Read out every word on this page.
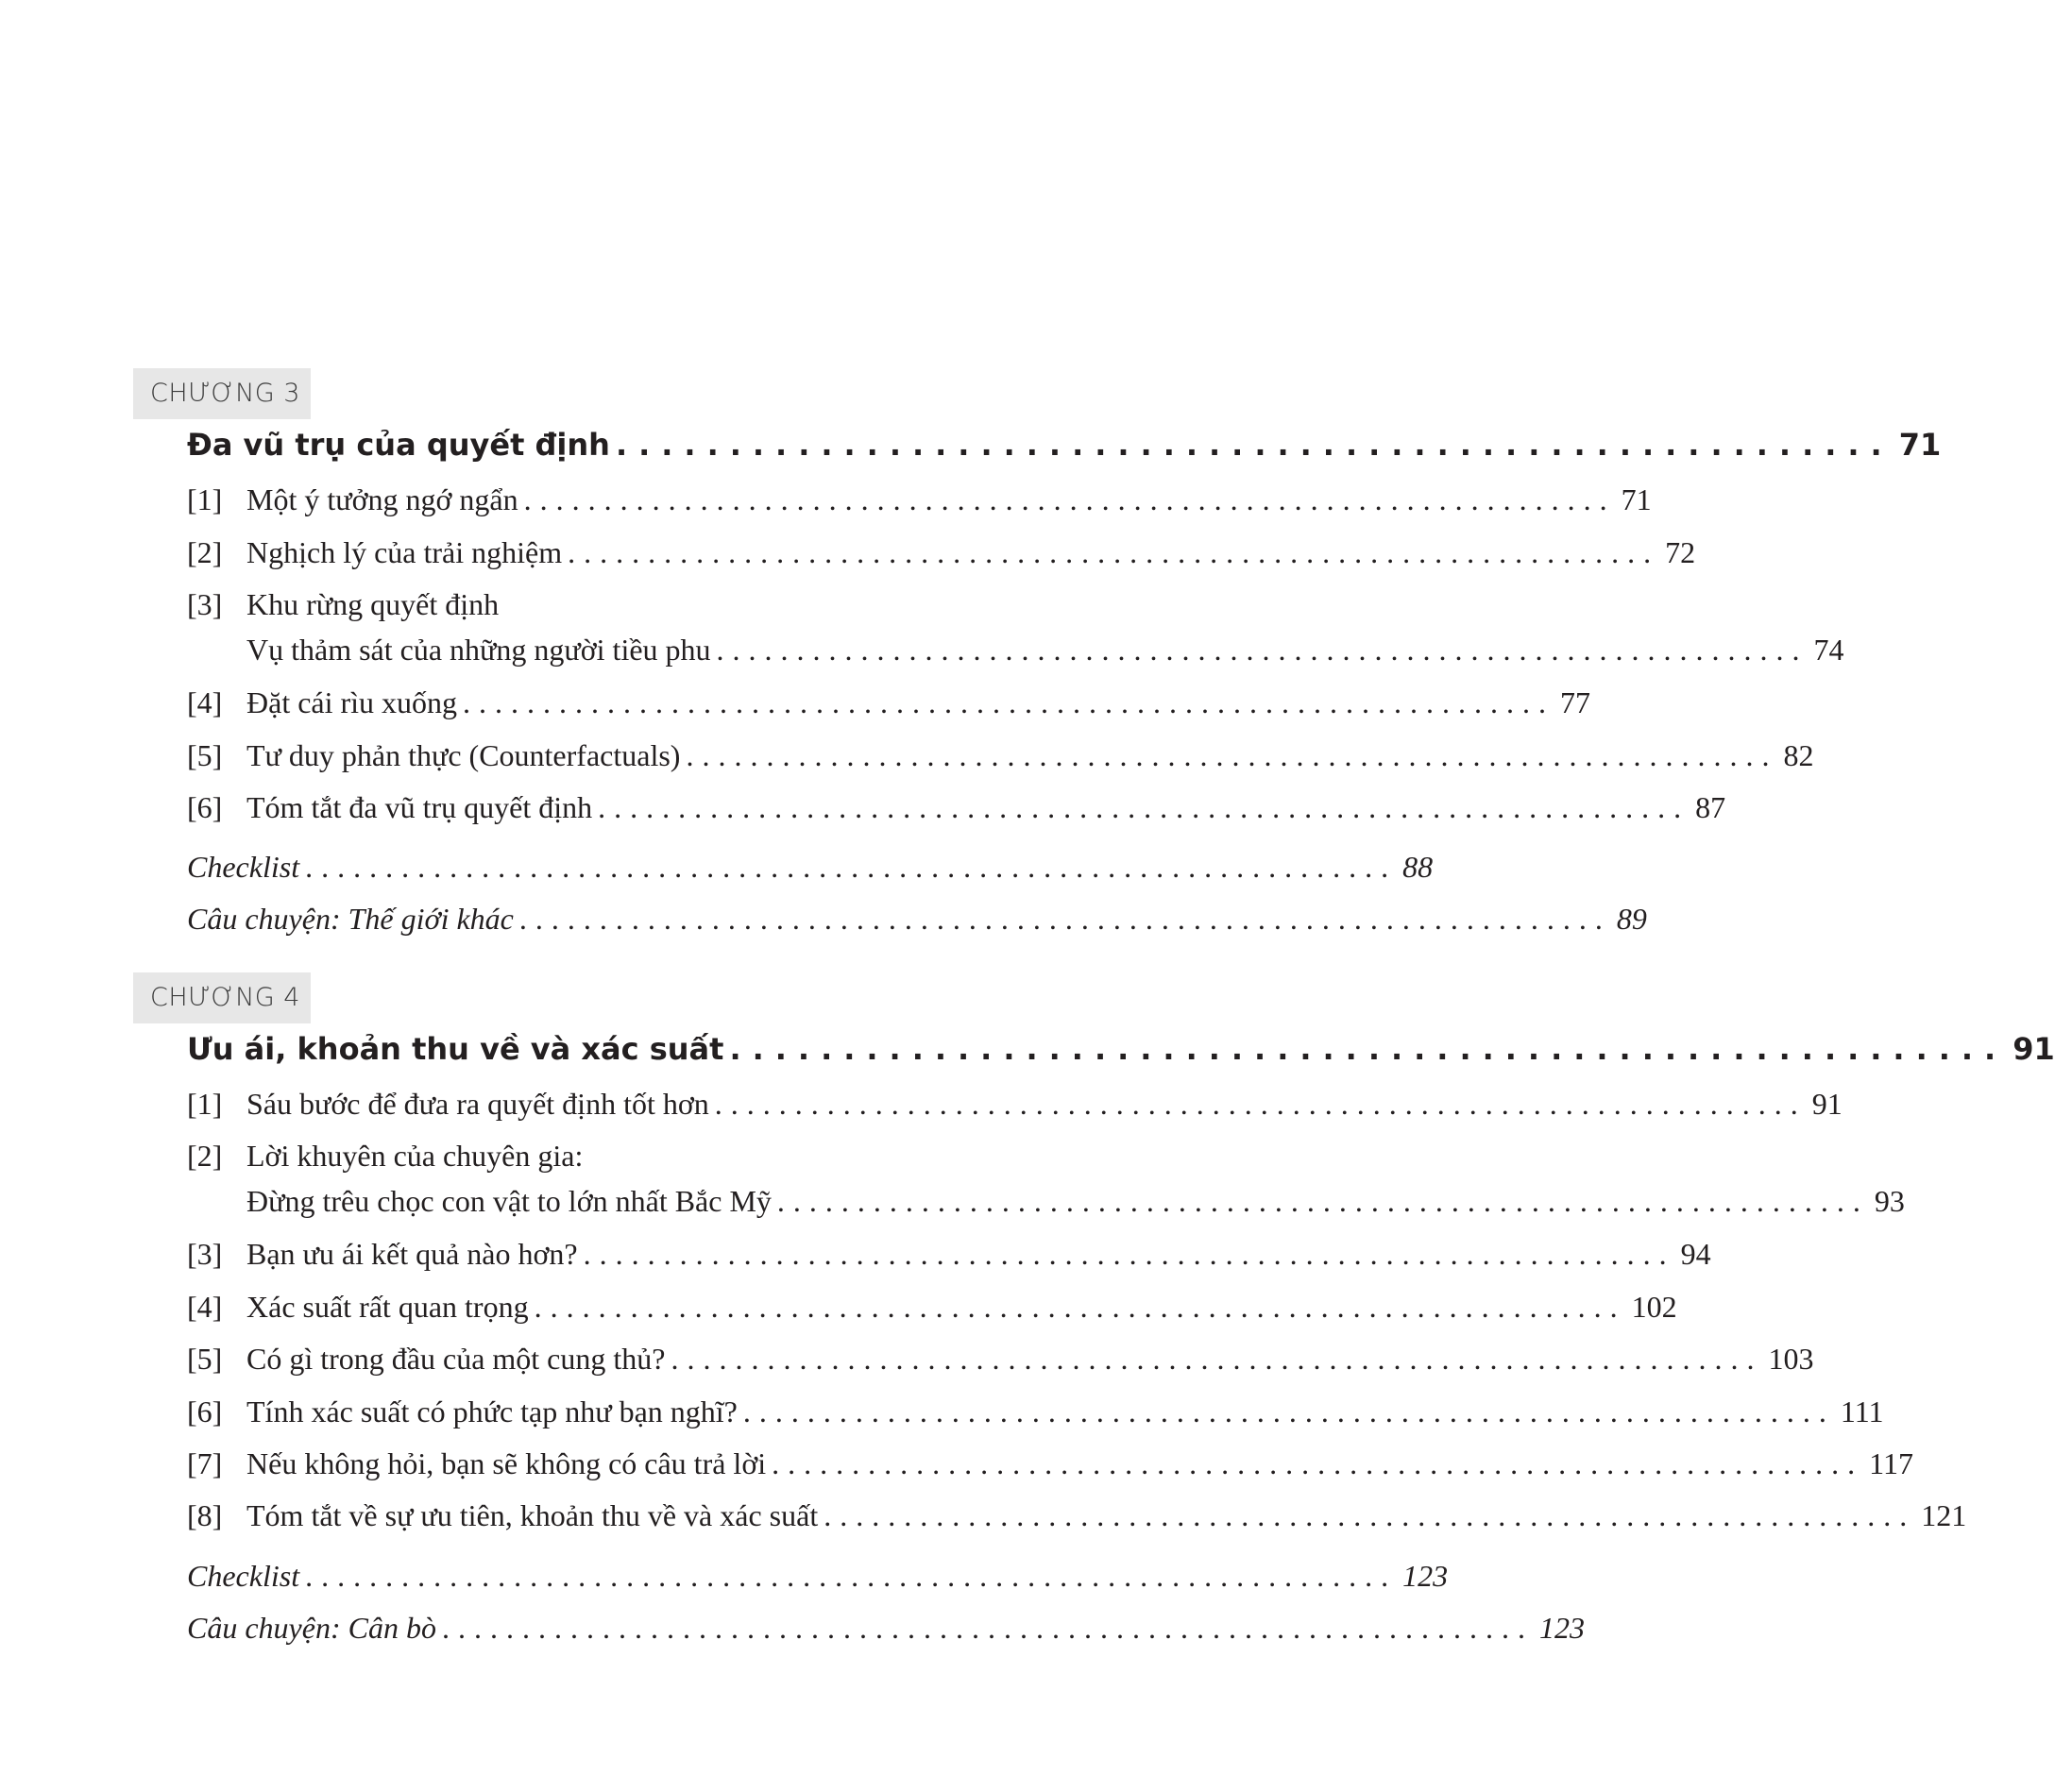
CHƯƠNG 3
Đa vũ trụ của quyết định ........................................................ 71
[1] Một ý tưởng ngớ ngẩn .................................................................... 71
[2] Nghịch lý của trải nghiệm .................................................................... 72
[3] Khu rừng quyết định
Vụ thảm sát của những người tiều phu .................................................................... 74
[4] Đặt cái rìu xuống .................................................................... 77
[5] Tư duy phản thực (Counterfactuals) .................................................................... 82
[6] Tóm tắt đa vũ trụ quyết định .................................................................... 87
Checklist .................................................................... 88
Câu chuyện: Thế giới khác .................................................................... 89
CHƯƠNG 4
Ưu ái, khoản thu về và xác suất ........................................................ 91
[1] Sáu bước để đưa ra quyết định tốt hơn .................................................................... 91
[2] Lời khuyên của chuyên gia:
Đừng trêu chọc con vật to lớn nhất Bắc Mỹ .................................................................... 93
[3] Bạn ưu ái kết quả nào hơn? .................................................................... 94
[4] Xác suất rất quan trọng .................................................................... 102
[5] Có gì trong đầu của một cung thủ? .................................................................... 103
[6] Tính xác suất có phức tạp như bạn nghĩ? .................................................................... 111
[7] Nếu không hỏi, bạn sẽ không có câu trả lời .................................................................... 117
[8] Tóm tắt về sự ưu tiên, khoản thu về và xác suất .................................................................... 121
Checklist .................................................................... 123
Câu chuyện: Cân bò .................................................................... 123
